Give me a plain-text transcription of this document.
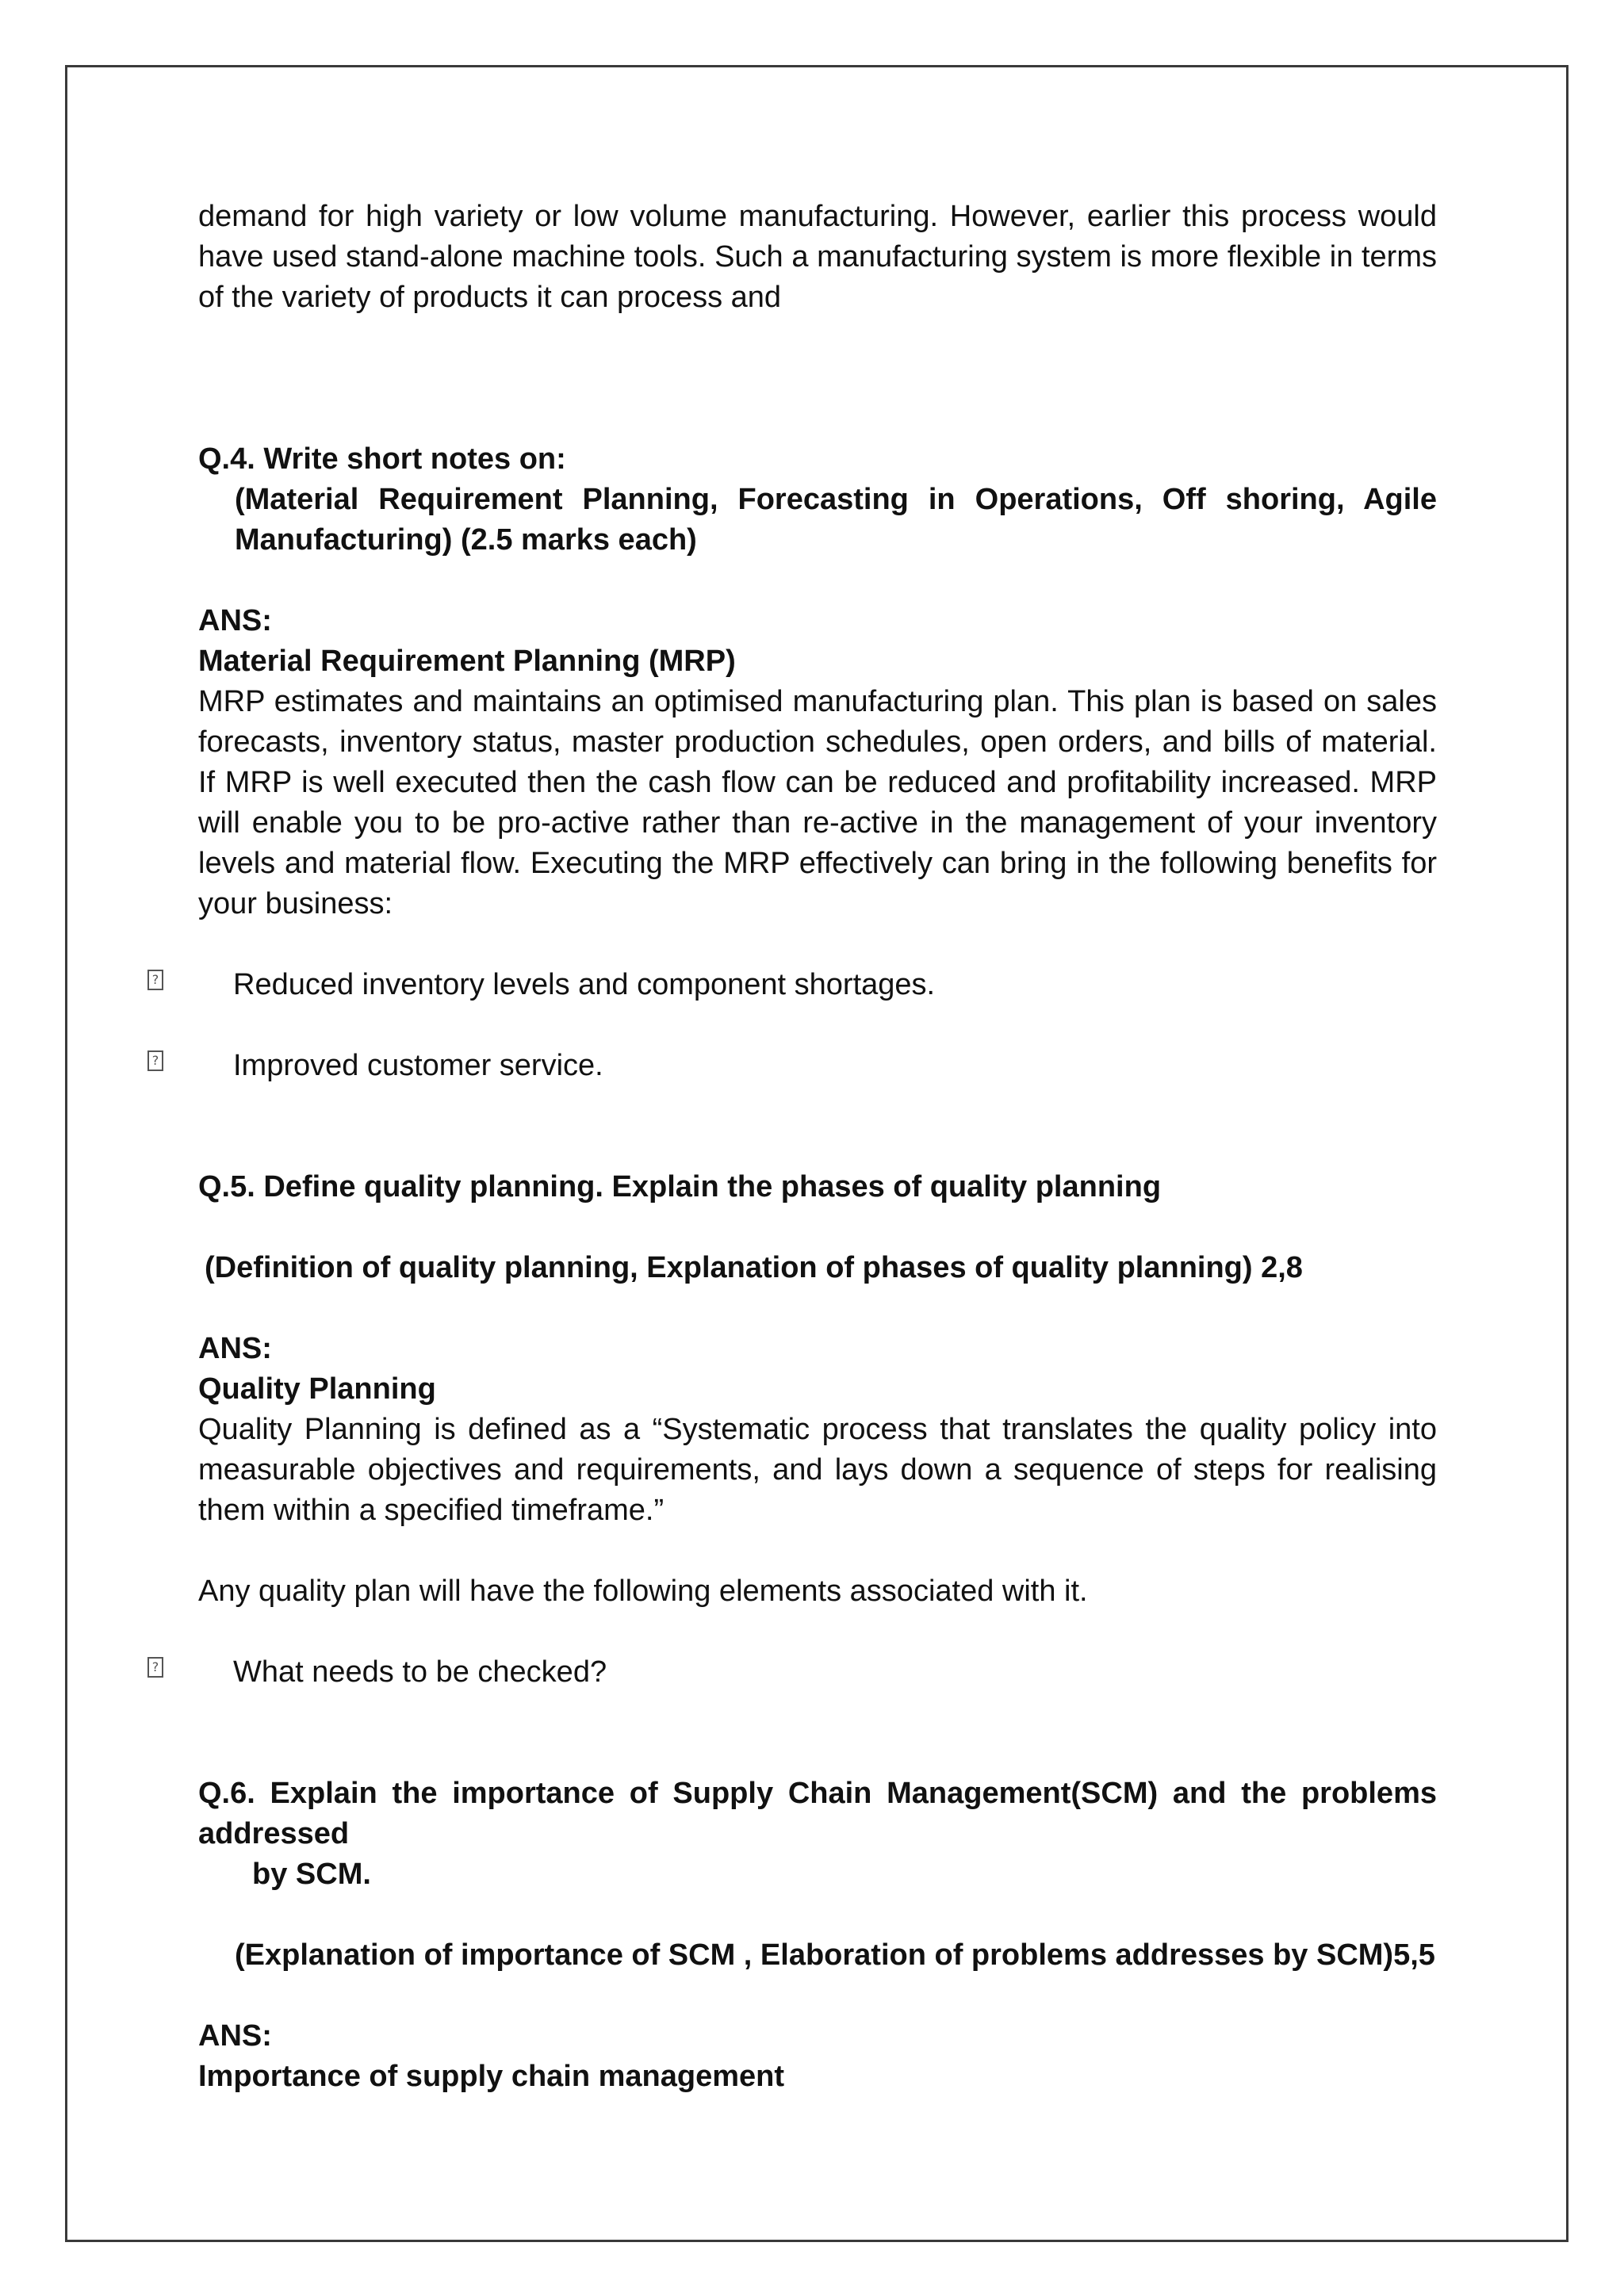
demand for high variety or low volume manufacturing. However, earlier this process would have used stand-alone machine tools. Such a manufacturing system is more flexible in terms of the variety of products it can process and

Q.4. Write short notes on:

(Material Requirement Planning, Forecasting in Operations, Off shoring, Agile Manufacturing) (2.5 marks each)

ANS:

Material Requirement Planning (MRP)

MRP estimates and maintains an optimised manufacturing plan. This plan is based on sales forecasts, inventory status, master production schedules, open orders, and bills of material. If MRP is well executed then the cash flow can be reduced and profitability increased. MRP will enable you to be pro-active rather than re-active in the management of your inventory levels and material flow. Executing the MRP effectively can bring in the following benefits for your business:

? Reduced inventory levels and component shortages.

? Improved customer service.

Q.5. Define quality planning. Explain the phases of quality planning

(Definition of quality planning, Explanation of phases of quality planning) 2,8

ANS:

Quality Planning

Quality Planning is defined as a “Systematic process that translates the quality policy into measurable objectives and requirements, and lays down a sequence of steps for realising them within a specified timeframe.”

Any quality plan will have the following elements associated with it.

? What needs to be checked?

Q.6. Explain the importance of Supply Chain Management(SCM) and the problems addressed

by SCM.

(Explanation of importance of SCM , Elaboration of problems addresses by SCM)5,5

ANS:

Importance of supply chain management
